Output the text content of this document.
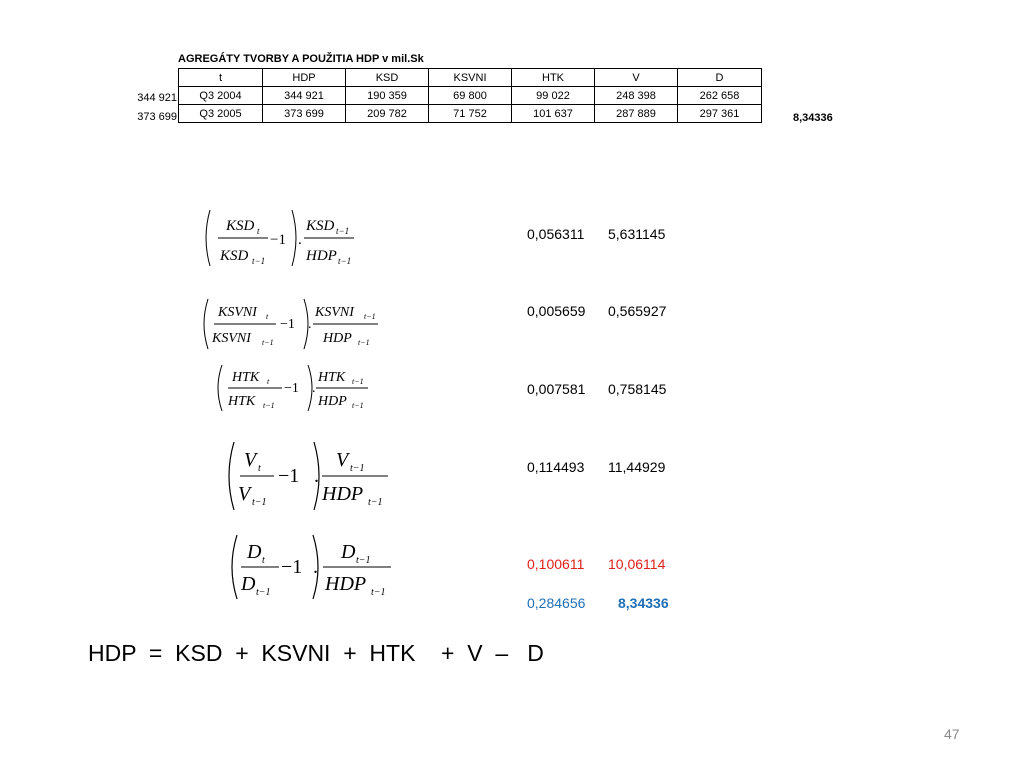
AGREGÁTY TVORBY A POUŽITIA HDP v mil.Sk
t	HDP	KSD	KSVNI	HTK	V	D
Q3 2004	344 921	190 359	69 800	99 022	248 398	262 658
Q3 2005	373 699	209 782	71 752	101 637	287 889	297 361
344 921
373 699	8,34336
KSD t
KSD t−1
−1 .
KSD t−1
HDP t−1
0,056311 5,631145
KSVNI t
KSVNI t−1
−1 .
KSVNI t−1
HDP t−1
0,005659 0,565927
HTK t
HTK t−1
−1 .
HTK t−1
HDP t−1
0,007581 0,758145
V t
V t−1
−1 .
V t−1
HDP t−1
0,114493 11,44929
D t
D t−1
−1 .
D t−1
HDP t−1
0,100611 10,06114
0,284656 8,34336
HDP  =  KSD  +  KSVNI  +  HTK    +  V  –   D
47
